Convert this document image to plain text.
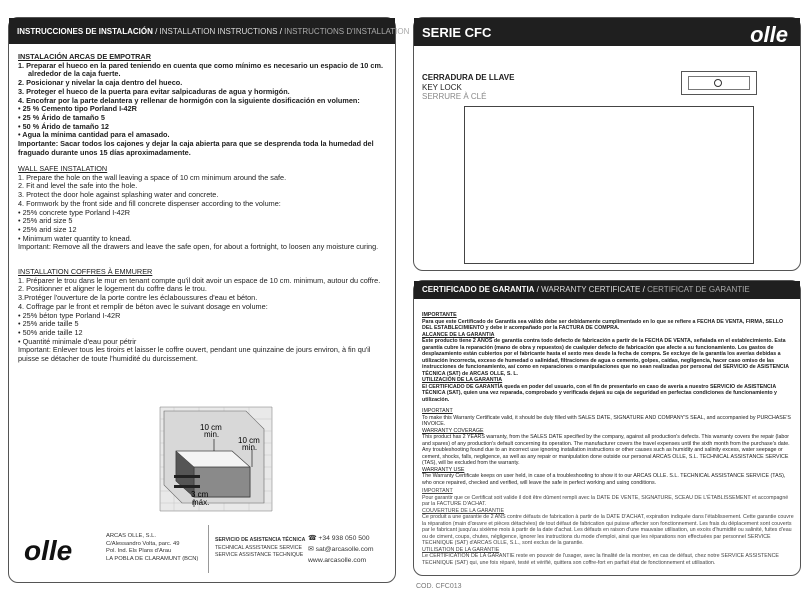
INSTRUCCIONES DE INSTALACIÓN / INSTALLATION INSTRUCTIONS / INSTRUCTIONS D'INSTALLATION

INSTALACIÓN ARCAS DE EMPOTRAR

1. Preparar el hueco en la pared teniendo en cuenta que como mínimo es necesario un espacio de 10 cm. alrededor de la caja fuerte.

2. Posicionar y nivelar la caja dentro del hueco.

3. Proteger el hueco de la puerta para evitar salpicaduras de agua y hormigón.

4. Encofrar por la parte delantera y rellenar de hormigón con la siguiente dosificación en volumen:

• 25 % Cemento tipo Porland I-42R

• 25 % Árido de tamaño 5

• 50 % Árido de tamaño 12

• Agua la mínima cantidad para el amasado.

Importante: Sacar todos los cajones y dejar la caja abierta para que se desprenda toda la humedad del fraguado durante unos 15 días aproximadamente.

WALL SAFE INSTALATION

1. Prepare the hole on the wall leaving a space of 10 cm minimum around the safe.

2. Fit and level the safe into the hole.

3. Protect the door hole against splashing water and concrete.

4. Formwork by the front side and fill concrete dispenser according to the volume:

• 25% concrete type Porland I-42R

• 25% arid size 5

• 25% arid size 12

• Minimum water quantity to knead.

Important: Remove all the drawers and leave the safe open, for about a fortnight, to loosen any moisture curing.

INSTALLATION COFFRES À EMMURER

1. Préparer le trou dans le mur en tenant compte qu'il doit avoir un espace de 10 cm. minimum, autour du coffre.

2. Positionner et aligner le logement du coffre dans le trou.

3.Protéger l'ouverture de la porte contre les éclaboussures d'eau et béton.

4. Coffrage par le front et remplir de béton avec le suivant dosage en volume:

• 25% béton type Porland I-42R

• 25% aride taille 5

• 50% aride taille 12

• Quantité minimale d'eau pour pétrir

Important: Enlever tous les tiroirs et laisser le coffre ouvert, pendant une quinzaine de jours environ, à fin qu'il puisse se détacher de toute l'humidité du durcissement.

10 cm
min.
10 cm
min.
3 cm
máx.
olle	ARCAS OLLE, S.L.
C/Alessandro Volta, parc. 49
Pol. Ind. Els Plans d'Arau
LA POBLA DE CLARAMUNT (BCN)
SERVICIO DE ASISTENCIA TÉCNICA
TECHNICAL ASSISTANCE SERVICE
SERVICE ASSISTANCE TECHNIQUE
☎ +34 938 050 500
✉ sat@arcasolle.com
www.arcasolle.com
SERIE CFC	olle
CERRADURA DE LLAVE
KEY LOCK
SERRURE À CLÉ
CERTIFICADO DE GARANTIA / WARRANTY CERTIFICATE / CERTIFICAT DE GARANTIE

IMPORTANTE

Para que este Certificado de Garantía sea válido debe ser debidamente cumplimentado en lo que se refiere a FECHA DE VENTA, FIRMA, SELLO DEL ESTABLECIMIENTO y debe ir acompañado por la FACTURA DE COMPRA.

ALCANCE DE LA GARANTIA

Este producto tiene 2 AÑOS de garantía contra todo defecto de fabricación a partir de la FECHA DE VENTA, señalada en el establecimiento. Esta garantía cubre la reparación (mano de obra y repuestos) de cualquier defecto de fabricación que afecte a su funcionamiento. Los gastos de desplazamiento están cubiertos por el fabricante hasta el sexto mes desde la fecha de compra. Se excluye de la garantía los averías debidas a utilización incorrecta, exceso de humedad o salinidad, filtraciones de agua o cemento, golpes, caídas, negligencia, hacer caso omiso de las instrucciones de funcionamiento, así como en reparaciones o manipulaciones que no sean realizadas por personal del SERVICIO de ASISTENCIA TÉCNICA (SAT) de ARCAS OLLE, S. L.

UTILIZACIÓN DE LA GARANTIA

El CERTIFICADO DE GARANTÍA queda en poder del usuario, con el fin de presentarlo en caso de avería a nuestro SERVICIO de ASISTENCIA TÉCNICA (SAT), quien una vez reparada, comprobado y verificada dejará su caja de seguridad en perfectas condiciones de funcionamiento y utilización.

IMPORTANT

To make this Warranty Certificate valid, it should be duly filled with SALES DATE, SIGNATURE AND COMPANY'S SEAL, and accompanied by PURCHASE'S INVOICE.

WARRANTY COVERAGE

This product has 2 YEARS warranty, from the SALES DATE specified by the company, against all production's defects. This warranty covers the repair (labor and spares) of any production's default concerning its operation. The manufacturer covers the travel expenses until the sixth month from the purchase's date. Any troubleshooting found due to an incorrect use ignoring installation instructions or other causes such as humidity and salinity excess, water seepage or cement, shocks, falls, negligence, as well as any repair or manipulation done outside our personal ARCAS OLLE, S.L. TECHNICAL ASSISTANCE SERVICE (TAS), will be excluded from the warranty.

WARRANTY USE

The Warranty Certificate keeps on user held, in case of a troubleshooting to show it to our ARCAS OLLE. S.L. TECHNICAL ASSISTANCE SERVICE (TAS), who once repaired, checked and verified, will leave the safe in perfect working and using conditions.

IMPORTANT

Pour garantir que ce Certificat soit valide il doit être dûment rempli avec la DATE DE VENTE, SIGNATURE, SCEAU DE L'ÉTABLISSEMENT et accompagné par la FACTURE D'ACHAT.

COUVERTURE DE LA GARANTIE

Ce produit a une garantie de 2 ANS contre défauts de fabrication à partir de la DATE D'ACHAT, expiration indiquée dans l'établissement. Cette garantie couvre la réparation (main d'œuvre et pièces détachées) de tout défaut de fabrication qui puisse affecter son fonctionnement. Les frais du déplacement sont couverts par le fabricant jusqu'au sixième mois à partir de la date d'achat. Les défauts en raison d'une mauvaise utilisation, un excès d'humidité ou salinité, fuites d'eau ou de ciment, coups, chutes, négligence, ignorer les instructions du mode d'emploi, ainsi que les réparations non effectuées par personnel SERVICE TECHNIQUE (SAT) d'ARCAS OLLE, S.L., sont exclus de la garantie.

UTILISATION DE LA GARANTIE

Le CERTIFICATION DE LA GARANTIE reste en pouvoir de l'usager, avec la finalité de la montrer, en cas de défaut, chez notre SERVICE ASSISTENCE TECHNIQUE (SAT) qui, une fois réparé, testé et vérifié, quittera son coffre-fort en parfait état de fonctionnement et utilisation.

COD. CFC013
